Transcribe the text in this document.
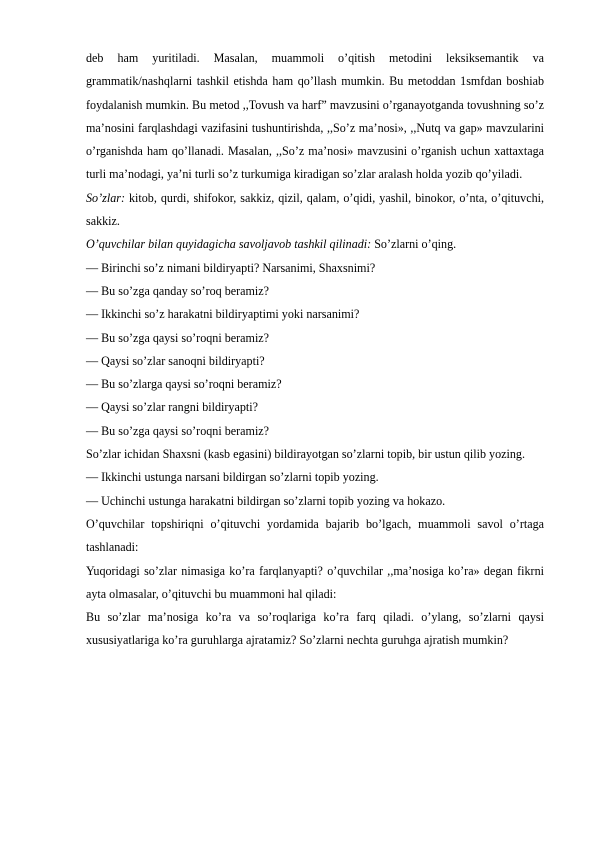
deb ham yuritiladi. Masalan, muammoli o’qitish metodini leksiksemantik va grammatik/nashqlarni tashkil etishda ham qo’llash mumkin. Bu metoddan 1smfdan boshiab foydalanish mumkin. Bu metod ,,Tovush va harf” mavzusini o’rganayotganda tovushning so’z ma’nosini farqlashdagi vazifasini tushuntirishda, ,,So’z ma’nosi», ,,Nutq va gap» mavzularini o’rganishda ham qo’llanadi. Masalan, ,,So’z ma’nosi» mavzusini o’rganish uchun xattaxtaga turli ma’nodagi, ya’ni turli so’z turkumiga kiradigan so’zlar aralash holda yozib qo’yiladi.

So’zlar: kitob, qurdi, shifokor, sakkiz, qizil, qalam, o’qidi, yashil, binokor, o’nta, o’qituvchi, sakkiz.

O’quvchilar bilan quyidagicha savoljavob tashkil qilinadi: So’zlarni o’qing.

— Birinchi so’z nimani bildiryapti? Narsanimi, Shaxsnimi?

— Bu so’zga qanday so’roq beramiz?

— Ikkinchi so’z harakatni bildiryaptimi yoki narsanimi?

— Bu so’zga qaysi so’roqni beramiz?

— Qaysi so’zlar sanoqni bildiryapti?

— Bu so’zlarga qaysi so’roqni beramiz?

— Qaysi so’zlar rangni bildiryapti?

— Bu so’zga qaysi so’roqni beramiz?

So’zlar ichidan Shaxsni (kasb egasini) bildirayotgan so’zlarni topib, bir ustun qilib yozing.

— Ikkinchi ustunga narsani bildirgan so’zlarni topib yozing.

— Uchinchi ustunga harakatni bildirgan so’zlarni topib yozing va hokazo.

O’quvchilar topshiriqni o’qituvchi yordamida bajarib bo’lgach, muammoli savol o’rtaga tashlanadi:

Yuqoridagi so’zlar nimasiga ko’ra farqlanyapti? o’quvchilar ,,ma’nosiga ko’ra» degan fikrni ayta olmasalar, o’qituvchi bu muammoni hal qiladi:

Bu so’zlar ma’nosiga ko’ra va so’roqlariga ko’ra farq qiladi. o’ylang, so’zlarni qaysi xususiyatlariga ko’ra guruhlarga ajratamiz? So’zlarni nechta guruhga ajratish mumkin?
